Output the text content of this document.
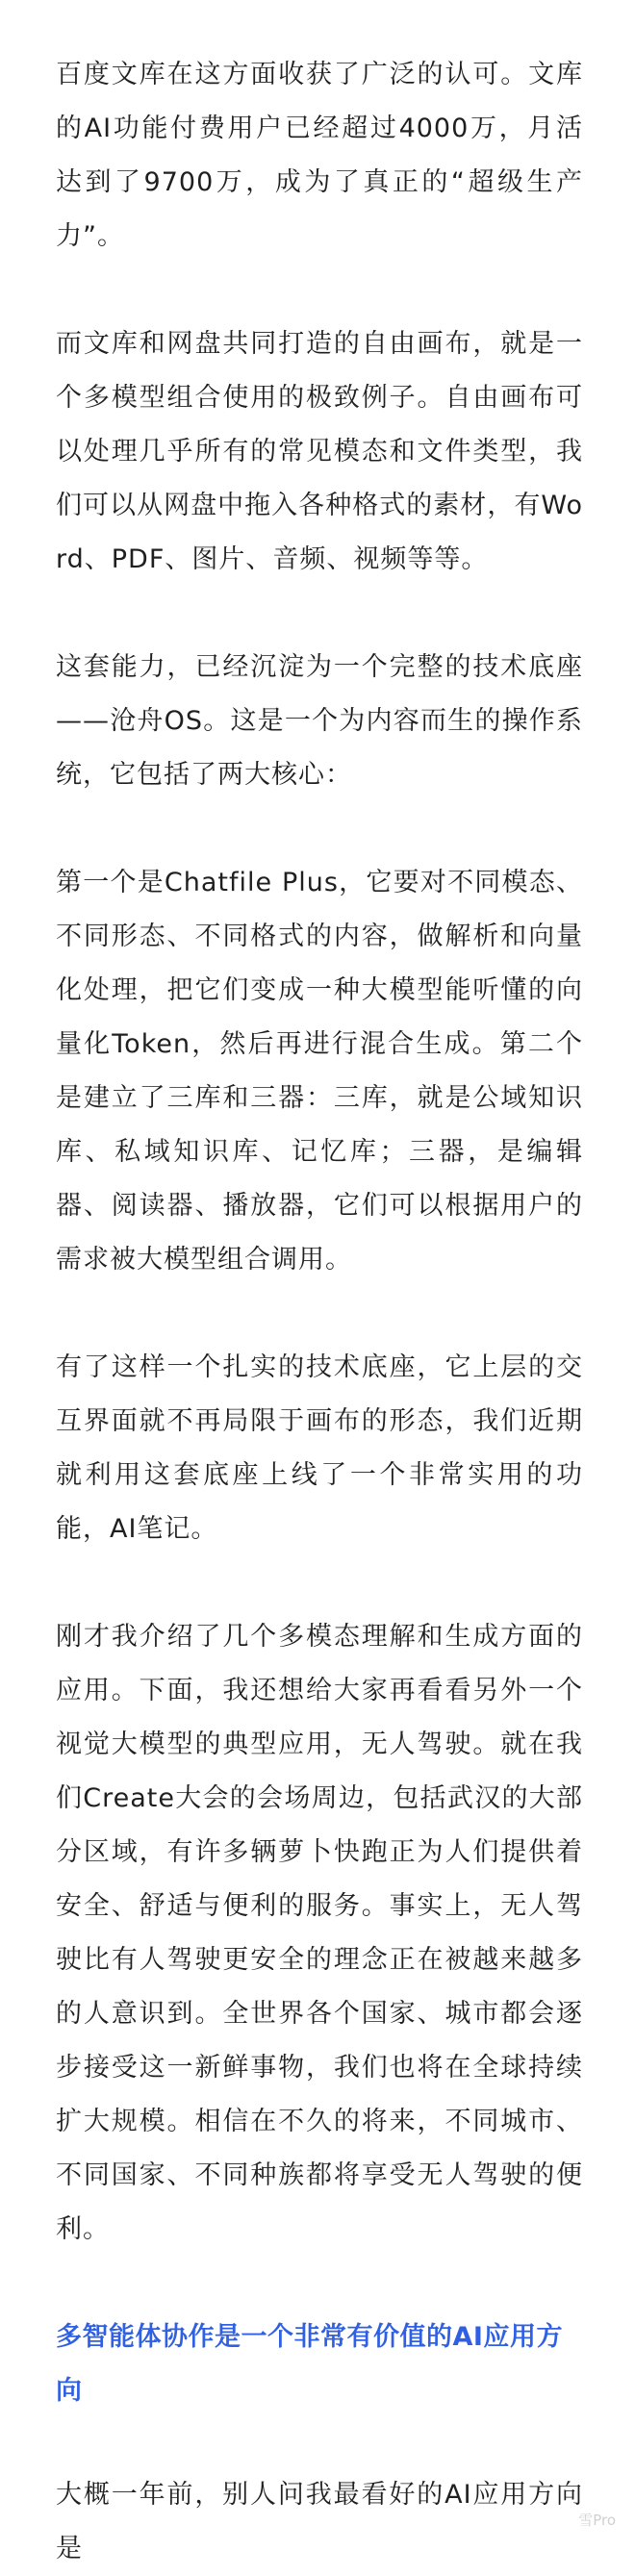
百度文库在这方面收获了广泛的认可。文库的AI功能付费用户已经超过4000万，月活达到了9700万，成为了真正的“超级生产力”。

而文库和网盘共同打造的自由画布，就是一个多模型组合使用的极致例子。自由画布可以处理几乎所有的常见模态和文件类型，我们可以从网盘中拖入各种格式的素材，有Word、PDF、图片、音频、视频等等。

这套能力，已经沉淀为一个完整的技术底座——沧舟OS。这是一个为内容而生的操作系统，它包括了两大核心：

第一个是Chatfile Plus，它要对不同模态、不同形态、不同格式的内容，做解析和向量化处理，把它们变成一种大模型能听懂的向量化Token，然后再进行混合生成。第二个是建立了三库和三器：三库，就是公域知识库、私域知识库、记忆库；三器，是编辑器、阅读器、播放器，它们可以根据用户的需求被大模型组合调用。

有了这样一个扎实的技术底座，它上层的交互界面就不再局限于画布的形态，我们近期就利用这套底座上线了一个非常实用的功能，AI笔记。

刚才我介绍了几个多模态理解和生成方面的应用。下面，我还想给大家再看看另外一个视觉大模型的典型应用，无人驾驶。就在我们Create大会的会场周边，包括武汉的大部分区域，有许多辆萝卜快跑正为人们提供着安全、舒适与便利的服务。事实上，无人驾驶比有人驾驶更安全的理念正在被越来越多的人意识到。全世界各个国家、城市都会逐步接受这一新鲜事物，我们也将在全球持续扩大规模。相信在不久的将来，不同城市、不同国家、不同种族都将享受无人驾驶的便利。

多智能体协作是一个非常有价值的AI应用方向

大概一年前，别人问我最看好的AI应用方向是

雪Pro
